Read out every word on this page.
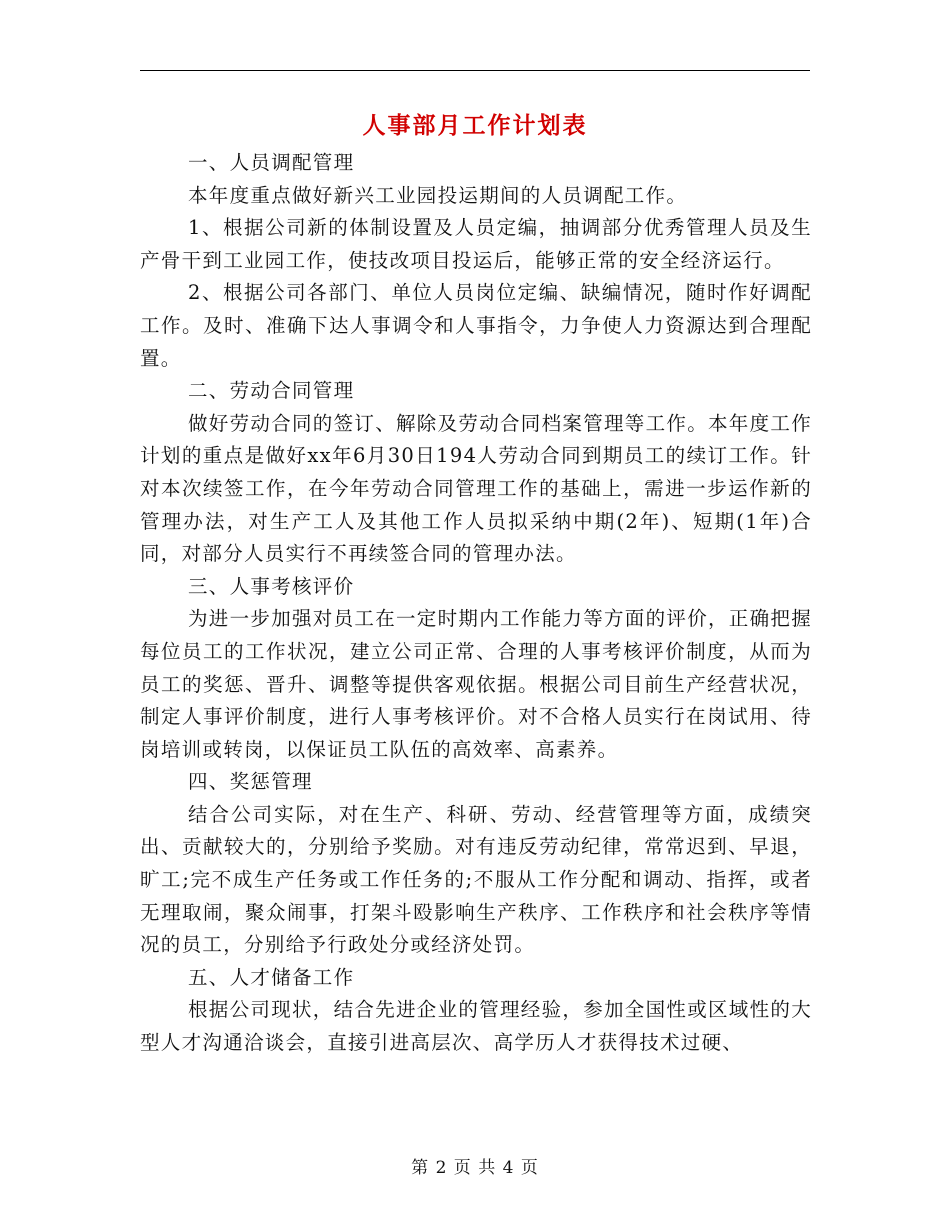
人事部月工作计划表

一、人员调配管理

本年度重点做好新兴工业园投运期间的人员调配工作。

1、根据公司新的体制设置及人员定编，抽调部分优秀管理人员及生产骨干到工业园工作，使技改项目投运后，能够正常的安全经济运行。

2、根据公司各部门、单位人员岗位定编、缺编情况，随时作好调配工作。及时、准确下达人事调令和人事指令，力争使人力资源达到合理配置。

二、劳动合同管理

做好劳动合同的签订、解除及劳动合同档案管理等工作。本年度工作计划的重点是做好xx年6月30日194人劳动合同到期员工的续订工作。针对本次续签工作，在今年劳动合同管理工作的基础上，需进一步运作新的管理办法，对生产工人及其他工作人员拟采纳中期(2年)、短期(1年)合同，对部分人员实行不再续签合同的管理办法。

三、人事考核评价

为进一步加强对员工在一定时期内工作能力等方面的评价，正确把握每位员工的工作状况，建立公司正常、合理的人事考核评价制度，从而为员工的奖惩、晋升、调整等提供客观依据。根据公司目前生产经营状况，制定人事评价制度，进行人事考核评价。对不合格人员实行在岗试用、待岗培训或转岗，以保证员工队伍的高效率、高素养。

四、奖惩管理

结合公司实际，对在生产、科研、劳动、经营管理等方面，成绩突出、贡献较大的，分别给予奖励。对有违反劳动纪律，常常迟到、早退，旷工;完不成生产任务或工作任务的;不服从工作分配和调动、指挥，或者无理取闹，聚众闹事，打架斗殴影响生产秩序、工作秩序和社会秩序等情况的员工，分别给予行政处分或经济处罚。

五、人才储备工作

根据公司现状，结合先进企业的管理经验，参加全国性或区域性的大型人才沟通洽谈会，直接引进高层次、高学历人才获得技术过硬、

第 2 页 共 4 页
